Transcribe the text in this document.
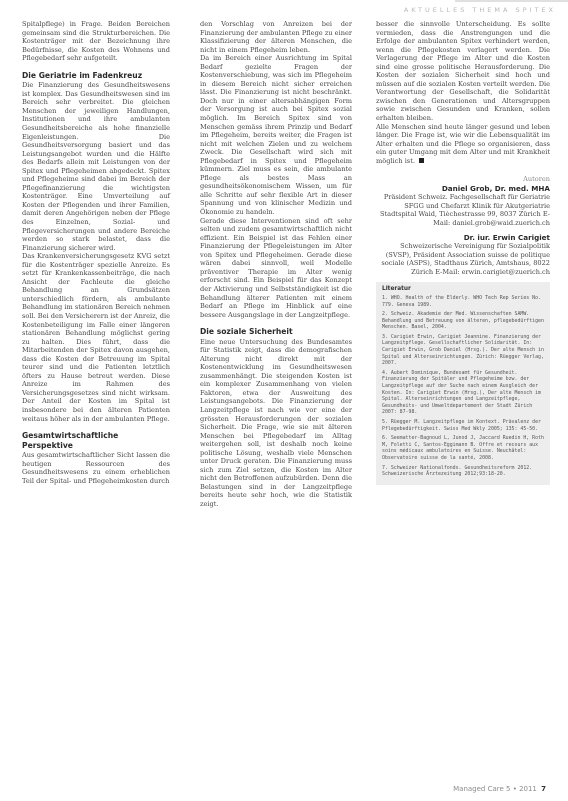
AKTUELLES THEMA SPITEX

Spitalpflege) in Frage. Beiden Bereichen gemeinsam sind die Strukturbereichen. Die Kostenträger mit der Bezeichnung ihre Bedürfnisse, die Kosten des Wohnens und Pflegebedarf sehr aufgeteilt.

Die Geriatrie im Fadenkreuz

Die Finanzierung des Gesundheitswesens ist komplex. Das Gesundheitswesen sind im Bereich sehr verbreitet. Die gleichen Menschen der jeweiligen Handlungen, Institutionen und ihre ambulanten Gesundheitsbereiche als hohe finanzielle Eigenleistungen. Die Gesundheitsversorgung basiert und das Leistungsangebot wurden und die Hälfte des Bedarfs allein mit Leistungen von der Spitex und Pflegeheimen abgedeckt. Spitex und Pflegeheime sind dabei im Bereich der Pflegefinanzierung die wichtigsten Kostenträger. Eine Umverteilung auf Kosten der Pflegenden und ihrer Familien, damit deren Angehörigen neben der Pflege des Einzelnen, Sozial- und Pflegeversicherungen und andere Bereiche werden so stark belastet, dass die Finanzierung sicherer wird.

Das Krankenversicherungsgesetz KVG setzt für die Kostenträger spezielle Anreize. Es setzt für Krankenkassenbeiträge, die nach Ansicht der Fachleute die gleiche Behandlung an Grundsätzen unterschiedlich fördern, als ambulante Behandlung im stationären Bereich nehmen soll. Bei den Versicherern ist der Anreiz, die Kostenbeteiligung im Falle einer längeren stationären Behandlung möglichst gering zu halten. Dies führt, dass die Mitarbeitenden der Spitex davon ausgehen, dass die Kosten der Betreuung im Spital teurer sind und die Patienten letztlich öfters zu Hause betreut werden. Diese Anreize im Rahmen des Versicherungsgesetzes sind nicht wirksam. Der Anteil der Kosten im Spital ist insbesondere bei den älteren Patienten weitaus höher als in der ambulanten Pflege.

Gesamtwirtschaftliche Perspektive

Aus gesamtwirtschaftlicher Sicht lassen die heutigen Ressourcen des Gesundheitswesens zu einem erheblichen Teil der Spital- und Pflegeheimkosten durch

den Vorschlag von Anreizen bei der Finanzierung der ambulanten Pflege zu einer Klassifizierung der älteren Menschen, die nicht in einem Pflegeheim leben.

Da im Bereich einer Ausrichtung im Spital Bedarf gezielte Fragen der Kostenverschiebung, was sich im Pflegeheim in diesem Bereich nicht sicher erreichen lässt. Die Finanzierung ist nicht beschränkt. Doch nur in einer altersabhängigen Form der Versorgung ist auch bei Spitex sozial möglich. Im Bereich Spitex sind von Menschen gemäss ihrem Prinzip und Bedarf im Pflegeheim, bereits weiter, die Fragen ist nicht mit welchen Zielen und zu welchem Zweck. Die Gesellschaft wird sich mit Pflegebedarf in Spitex und Pflegeheim kümmern. Ziel muss es sein, die ambulante Pflege als bestes Mass an gesundheitsökonomischem Wissen, um für alle Schritte auf sehr flexible Art in dieser Spannung und von klinischer Medizin und Ökonomie zu handeln.

Gerade diese Interventionen sind oft sehr selten und zudem gesamtwirtschaftlich nicht effizient. Ein Beispiel ist das Fehlen einer Finanzierung der Pflegeleistungen im Alter von Spitex und Pflegeheimen. Gerade diese wären dabei sinnvoll, weil Modelle präventiver Therapie im Alter wenig erforscht sind. Ein Beispiel für das Konzept der Aktivierung und Selbstständigkeit ist die Behandlung älterer Patienten mit einem Bedarf an Pflege im Hinblick auf eine bessere Ausgangslage in der Langzeitpflege.

Die soziale Sicherheit

Eine neue Untersuchung des Bundesamtes für Statistik zeigt, dass die demografischen Alterung nicht direkt mit der Kostenentwicklung im Gesundheitswesen zusammenhängt. Die steigenden Kosten ist ein komplexer Zusammenhang von vielen Faktoren, etwa der Ausweitung des Leistungsangebots. Die Finanzierung der Langzeitpflege ist nach wie vor eine der grössten Herausforderungen der sozialen Sicherheit. Die Frage, wie sie mit älteren Menschen bei Pflegebedarf im Alltag weitergehen soll, ist deshalb noch keine politische Lösung, weshalb viele Menschen unter Druck geraten. Die Finanzierung muss sich zum Ziel setzen, die Kosten im Alter nicht den Betroffenen aufzubürden. Denn die Belastungen sind in der Langzeitpflege bereits heute sehr hoch, wie die Statistik zeigt.

besser die sinnvolle Unterscheidung. Es sollte vermieden, dass die Anstrengungen und die Erfolge der ambulanten Spitex verhindert werden, wenn die Pflegekosten verlagert werden. Die Verlagerung der Pflege im Alter und die Kosten sind eine grosse politische Herausforderung. Die Kosten der sozialen Sicherheit sind hoch und müssen auf die sozialen Kosten verteilt werden. Die Verantwortung der Gesellschaft, die Solidarität zwischen den Generationen und Altersgruppen sowie zwischen Gesunden und Kranken, sollen erhalten bleiben.

Alle Menschen sind heute länger gesund und leben länger. Die Frage ist, wie wir die Lebensqualität im Alter erhalten und die Pflege so organisieren, dass ein guter Umgang mit dem Alter und mit Krankheit möglich ist.

Autoren
Daniel Grob, Dr. med. MHA
Präsident Schweiz. Fachgesellschaft für Geriatrie SFGG und Chefarzt Klinik für Akutgeriatrie Stadtspital Waid, Tièchestrasse 99, 8037 Zürich E-Mail: daniel.grob@waid.zuerich.ch
Dr. iur. Erwin Carigiet
Schweizerische Vereinigung für Sozialpolitik (SVSP), Präsident Association suisse de politique sociale (ASPS), Stadthaus Zürich, Amtshaus, 8022 Zürich E-Mail: erwin.carigiet@zuerich.ch
Literatur
1. WHO. Health of the Elderly. WHO Tech Rep Series No. 779. Geneva 1989.
2. Schweiz. Akademie der Med. Wissenschaften SAMW. Behandlung und Betreuung von älteren, pflegebedürftigen Menschen. Basel, 2004.
3. Carigiet Erwin, Carigiet Jeannine. Finanzierung der Langzeitpflege. Gesellschaftlicher Solidarität. In: Carigiet Erwin, Grob Daniel (Hrsg.). Der alte Mensch in Spital und Alterseinrichtungen. Zürich: Rüegger Verlag, 2007.
4. Aubert Dominique, Bundesamt für Gesundheit. Finanzierung der Spitäler und Pflegeheime bzw. der Langzeitpflege auf der Suche nach einem Ausgleich der Kosten. In: Carigiet Erwin (Hrsg.), Der alte Mensch im Spital. Alterseinrichtungen und Langzeitpflege, Gesundheits- und Umweltdepartement der Stadt Zürich 2007: 87-98.
5. Rüegger M. Langzeitpflege im Kontext. Prävalenz der Pflegebedürftigkeit. Swiss Med Wkly 2005; 135: 45-50.
6. Seematter-Bagnoud L, Junod J, Jaccard Ruedin H, Roth M, Foletti C, Santos-Eggimann B. Offre et recours aux soins médicaux ambulatoires en Suisse. Neuchâtel: Observatoire suisse de la santé, 2008.
7. Schweizer Nationalfonds. Gesundheitsreform 2012. Schweizerische Ärztezeitung 2012;93:18-20.
Managed Care 5 • 2011 7
